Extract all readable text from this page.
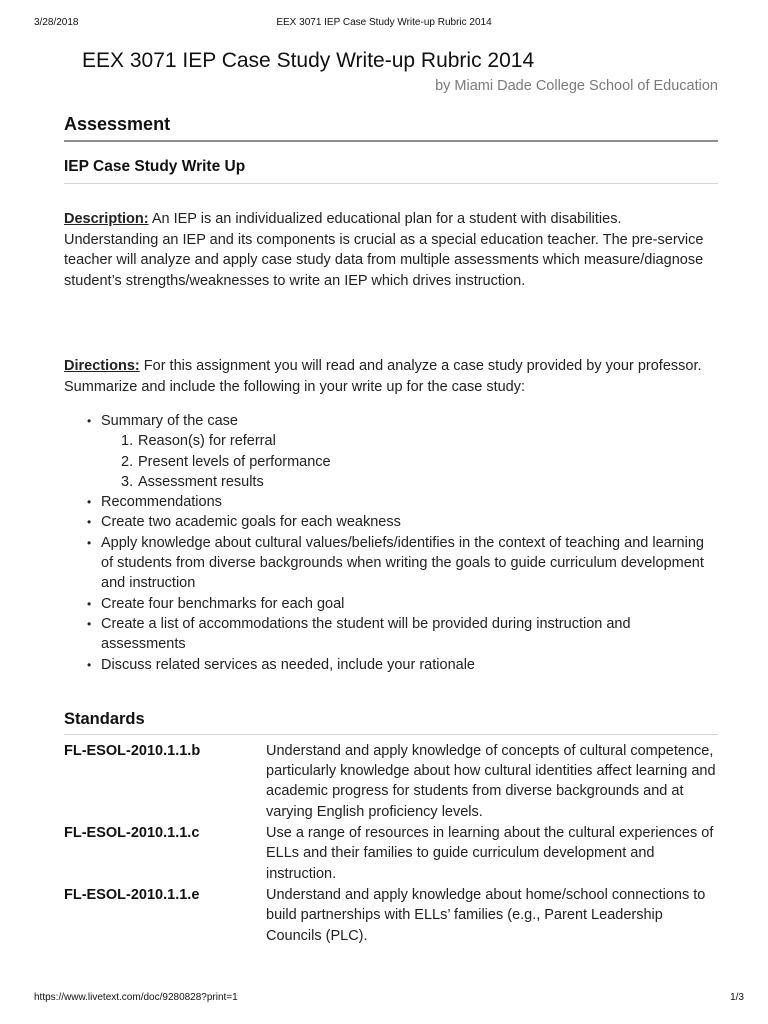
3/28/2018	EEX 3071 IEP Case Study Write-up Rubric 2014
EEX 3071 IEP Case Study Write-up Rubric 2014
by Miami Dade College School of Education
Assessment
IEP Case Study Write Up

Description: An IEP is an individualized educational plan for a student with disabilities. Understanding an IEP and its components is crucial as a special education teacher. The pre-service teacher will analyze and apply case study data from multiple assessments which measure/diagnose student’s strengths/weaknesses to write an IEP which drives instruction.

Directions: For this assignment you will read and analyze a case study provided by your professor. Summarize and include the following in your write up for the case study:

• Summary of the case
1. Reason(s) for referral
2. Present levels of performance
3. Assessment results
• Recommendations
• Create two academic goals for each weakness
• Apply knowledge about cultural values/beliefs/identifies in the context of teaching and learning of students from diverse backgrounds when writing the goals to guide curriculum development and instruction
• Create four benchmarks for each goal
• Create a list of accommodations the student will be provided during instruction and assessments
• Discuss related services as needed, include your rationale
Standards
FL-ESOL-2010.1.1.b	Understand and apply knowledge of concepts of cultural competence, particularly knowledge about how cultural identities affect learning and academic progress for students from diverse backgrounds and at varying English proficiency levels.
FL-ESOL-2010.1.1.c	Use a range of resources in learning about the cultural experiences of ELLs and their families to guide curriculum development and instruction.
FL-ESOL-2010.1.1.e	Understand and apply knowledge about home/school connections to build partnerships with ELLs’ families (e.g., Parent Leadership Councils (PLC).
https://www.livetext.com/doc/9280828?print=1	1/3
